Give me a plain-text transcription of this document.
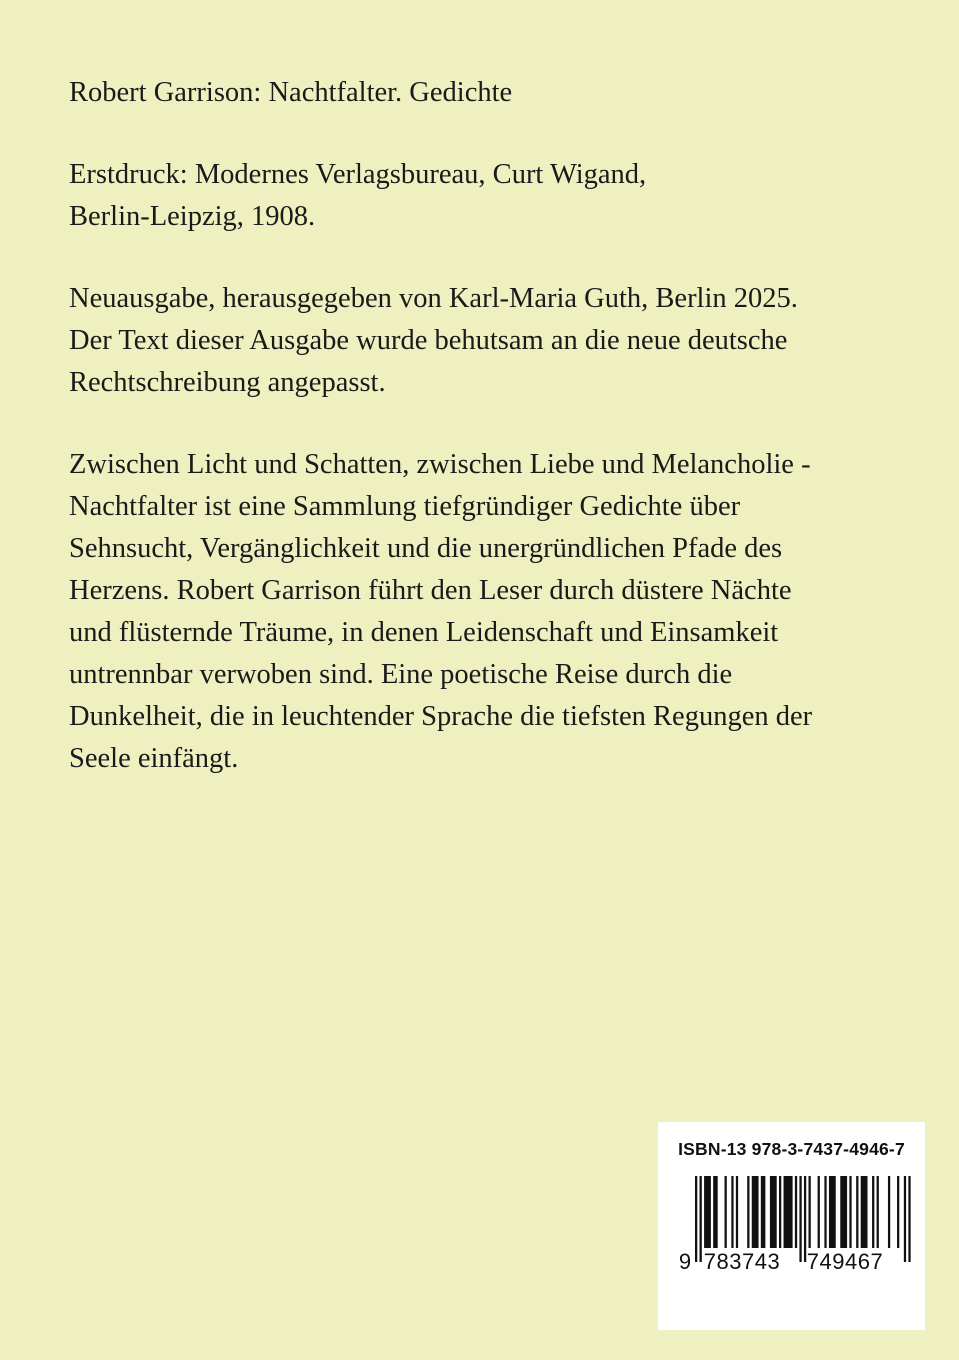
Robert Garrison: Nachtfalter. Gedichte

Erstdruck: Modernes Verlagsbureau, Curt Wigand,
Berlin-Leipzig, 1908.

Neuausgabe, herausgegeben von Karl-Maria Guth, Berlin 2025.
Der Text dieser Ausgabe wurde behutsam an die neue deutsche
Rechtschreibung angepasst.

Zwischen Licht und Schatten, zwischen Liebe und Melancholie -
Nachtfalter ist eine Sammlung tiefgründiger Gedichte über
Sehnsucht, Vergänglichkeit und die unergründlichen Pfade des
Herzens. Robert Garrison führt den Leser durch düstere Nächte
und flüsternde Träume, in denen Leidenschaft und Einsamkeit
untrennbar verwoben sind. Eine poetische Reise durch die
Dunkelheit, die in leuchtender Sprache die tiefsten Regungen der
Seele einfängt.

ISBN-13 978-3-7437-4946-7
9 783743 749467
